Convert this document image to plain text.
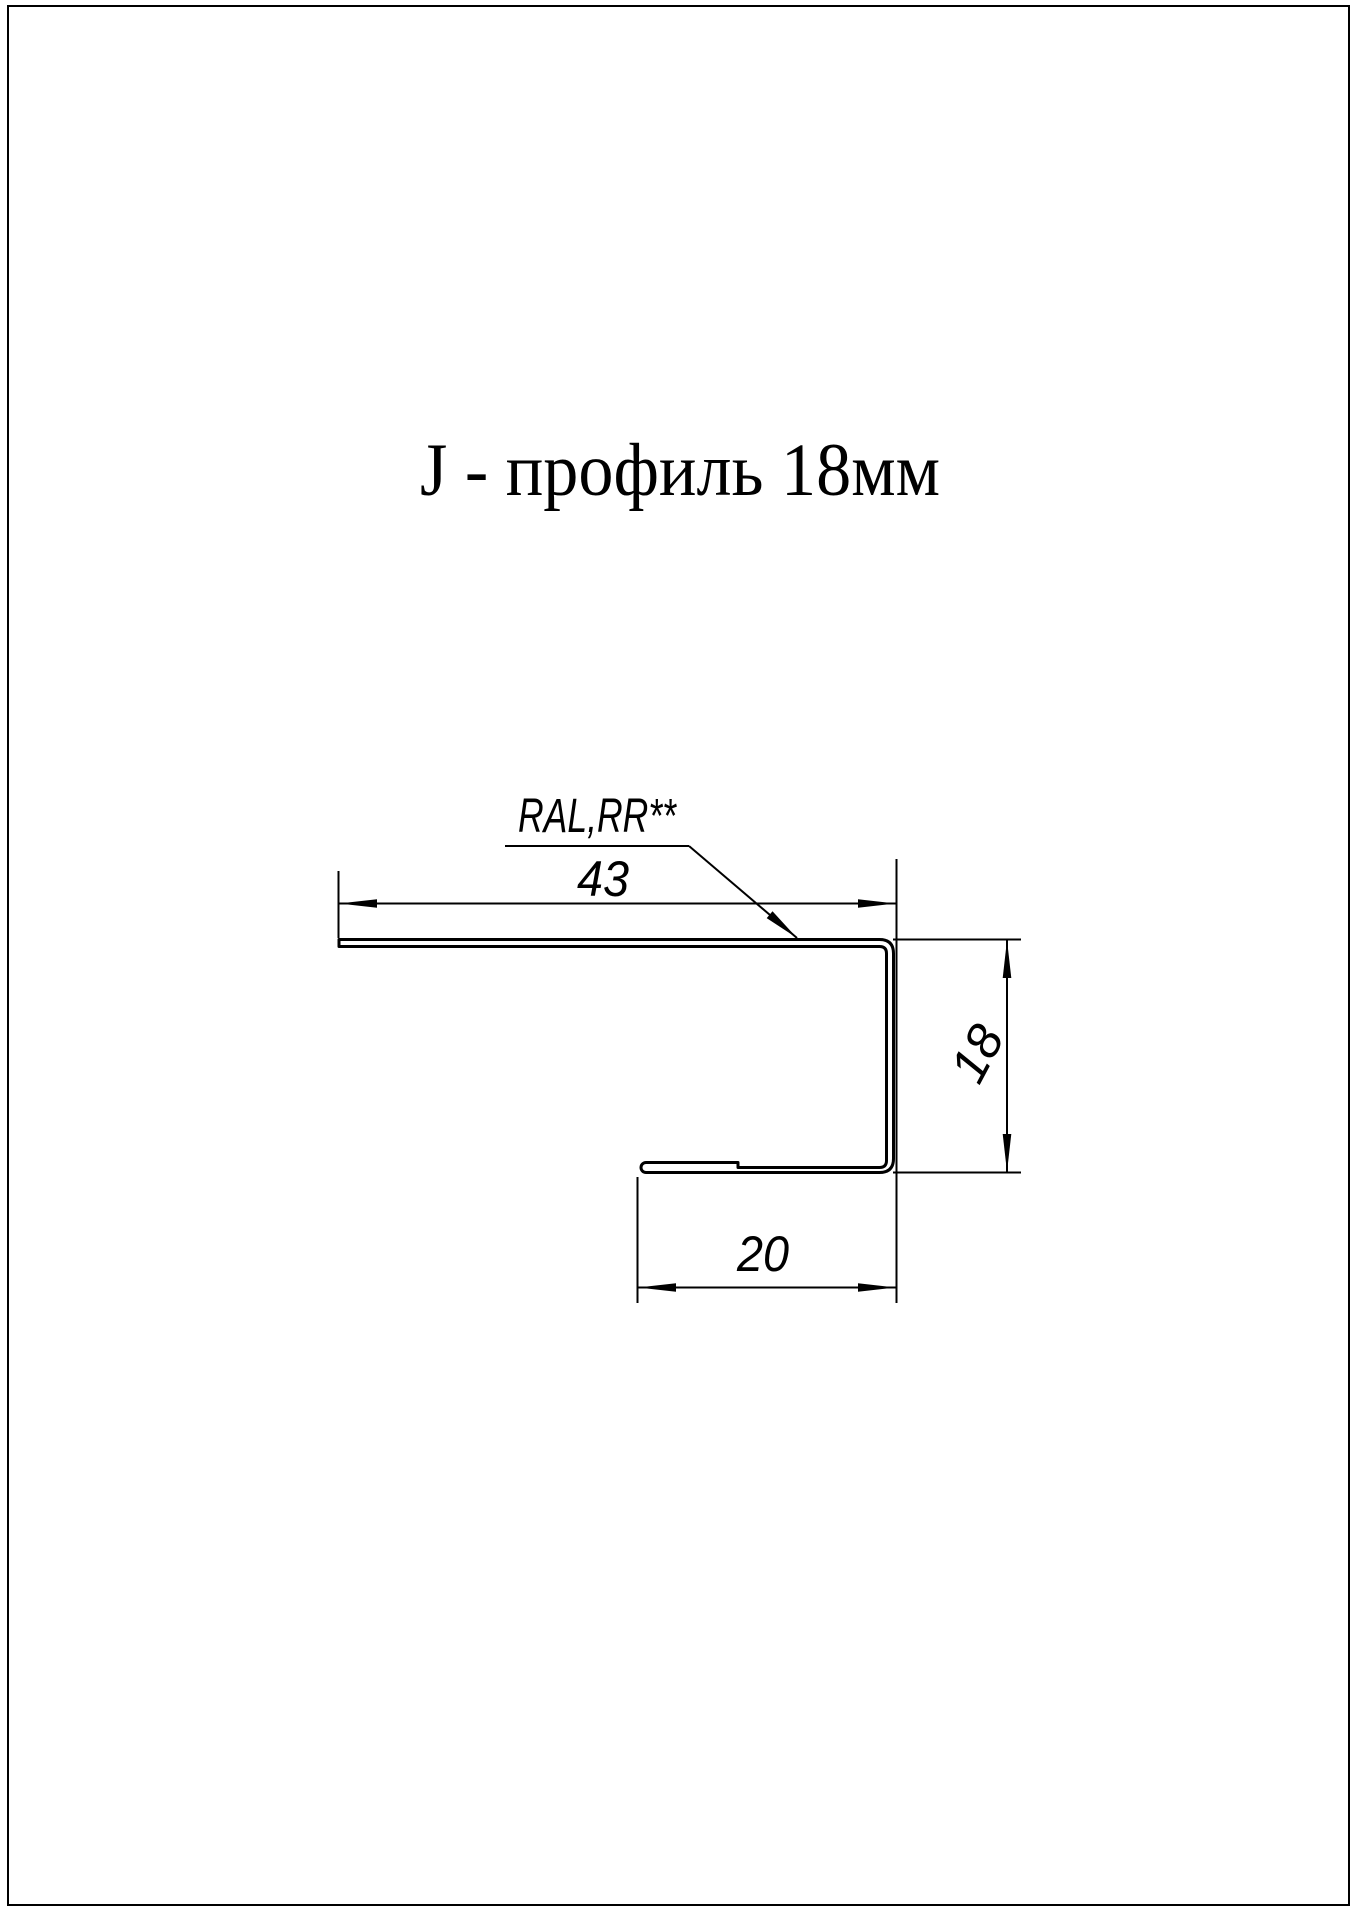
J - профиль 18мм
43
RAL,RR**
18
20
